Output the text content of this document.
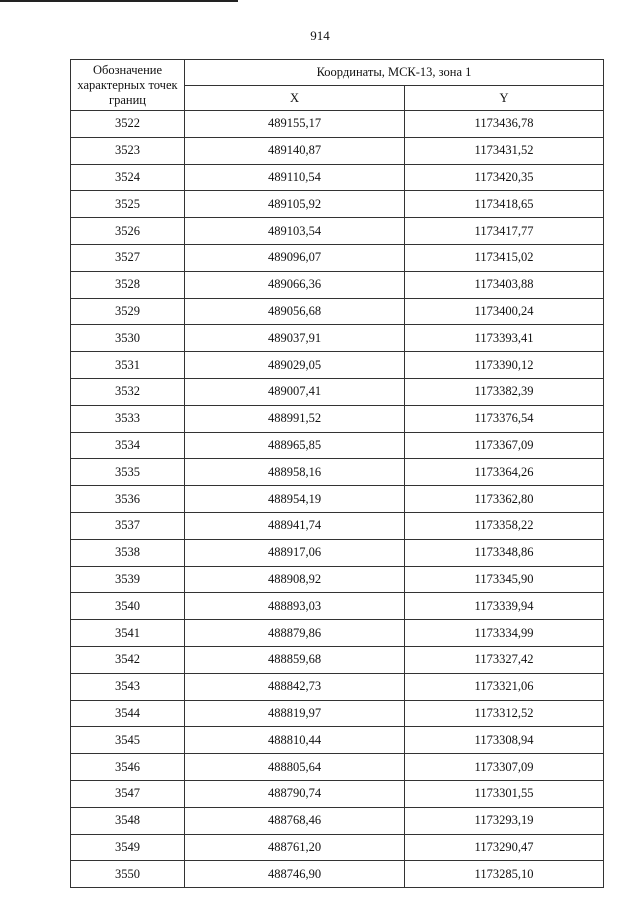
914
Обозначение характерных точек границ	Координаты, МСК-13, зона 1	
	X	Y
3522	489155,17	1173436,78
3523	489140,87	1173431,52
3524	489110,54	1173420,35
3525	489105,92	1173418,65
3526	489103,54	1173417,77
3527	489096,07	1173415,02
3528	489066,36	1173403,88
3529	489056,68	1173400,24
3530	489037,91	1173393,41
3531	489029,05	1173390,12
3532	489007,41	1173382,39
3533	488991,52	1173376,54
3534	488965,85	1173367,09
3535	488958,16	1173364,26
3536	488954,19	1173362,80
3537	488941,74	1173358,22
3538	488917,06	1173348,86
3539	488908,92	1173345,90
3540	488893,03	1173339,94
3541	488879,86	1173334,99
3542	488859,68	1173327,42
3543	488842,73	1173321,06
3544	488819,97	1173312,52
3545	488810,44	1173308,94
3546	488805,64	1173307,09
3547	488790,74	1173301,55
3548	488768,46	1173293,19
3549	488761,20	1173290,47
3550	488746,90	1173285,10
